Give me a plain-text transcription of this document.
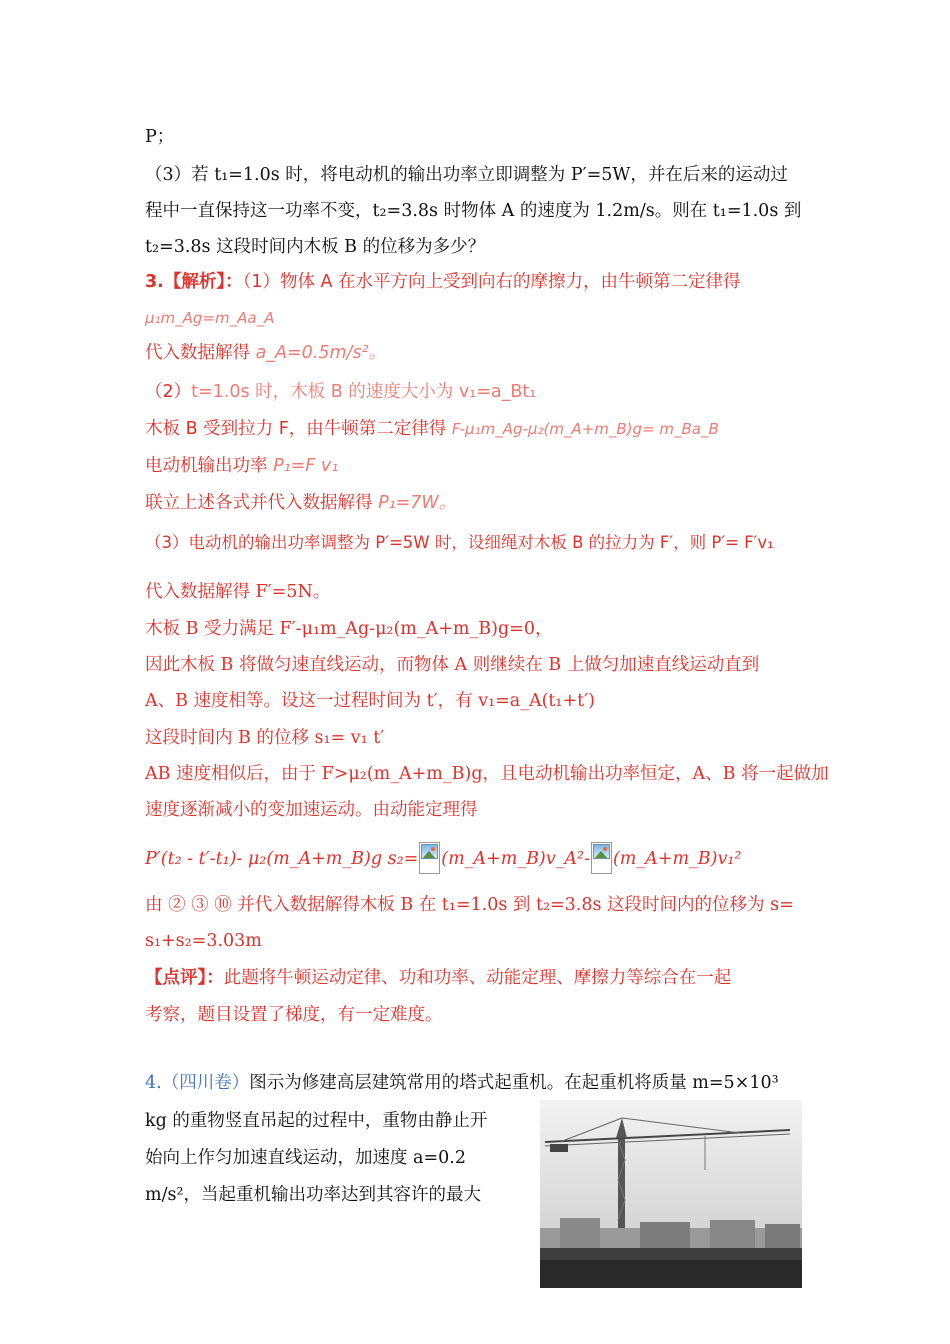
P；
（3）若 t₁=1.0s 时，将电动机的输出功率立即调整为 P′=5W，并在后来的运动过
程中一直保持这一功率不变，t₂=3.8s 时物体 A 的速度为 1.2m/s。则在 t₁=1.0s 到
t₂=3.8s 这段时间内木板 B 的位移为多少？
3.【解析】：（1）物体 A 在水平方向上受到向右的摩擦力，由牛顿第二定律得
μ₁m_Ag=m_Aa_A
代入数据解得 a_A=0.5m/s²。
（2）t=1.0s 时，木板 B 的速度大小为 v₁=a_Bt₁
木板 B 受到拉力 F，由牛顿第二定律得 F-μ₁m_Ag-μ₂(m_A+m_B)g= m_Ba_B
电动机输出功率 P₁=F v₁
联立上述各式并代入数据解得 P₁=7W。
（3）电动机的输出功率调整为 P′=5W 时，设细绳对木板 B 的拉力为 F′，则 P′= F′v₁
代入数据解得 F′=5N。
木板 B 受力满足 F′-μ₁m_Ag-μ₂(m_A+m_B)g=0，
因此木板 B 将做匀速直线运动，而物体 A 则继续在 B 上做匀加速直线运动直到
A、B 速度相等。设这一过程时间为 t′，有 v₁=a_A(t₁+t′)
这段时间内 B 的位移 s₁= v₁ t′
AB 速度相似后，由于 F>μ₂(m_A+m_B)g，且电动机输出功率恒定，A、B 将一起做加
速度逐渐减小的变加速运动。由动能定理得
P′(t₂ - t′-t₁)- μ₂(m_A+m_B)g s₂= (m_A+m_B)v_A²- (m_A+m_B)v₁²
由 ② ③ ⑩ 并代入数据解得木板 B 在 t₁=1.0s 到 t₂=3.8s 这段时间内的位移为 s=
s₁+s₂=3.03m
【点评】：此题将牛顿运动定律、功和功率、动能定理、摩擦力等综合在一起
考察，题目设置了梯度，有一定难度。
4.（四川卷）图示为修建高层建筑常用的塔式起重机。在起重机将质量 m=5×10³
kg 的重物竖直吊起的过程中，重物由静止开
始向上作匀加速直线运动，加速度 a=0.2
m/s²，当起重机输出功率达到其容许的最大
